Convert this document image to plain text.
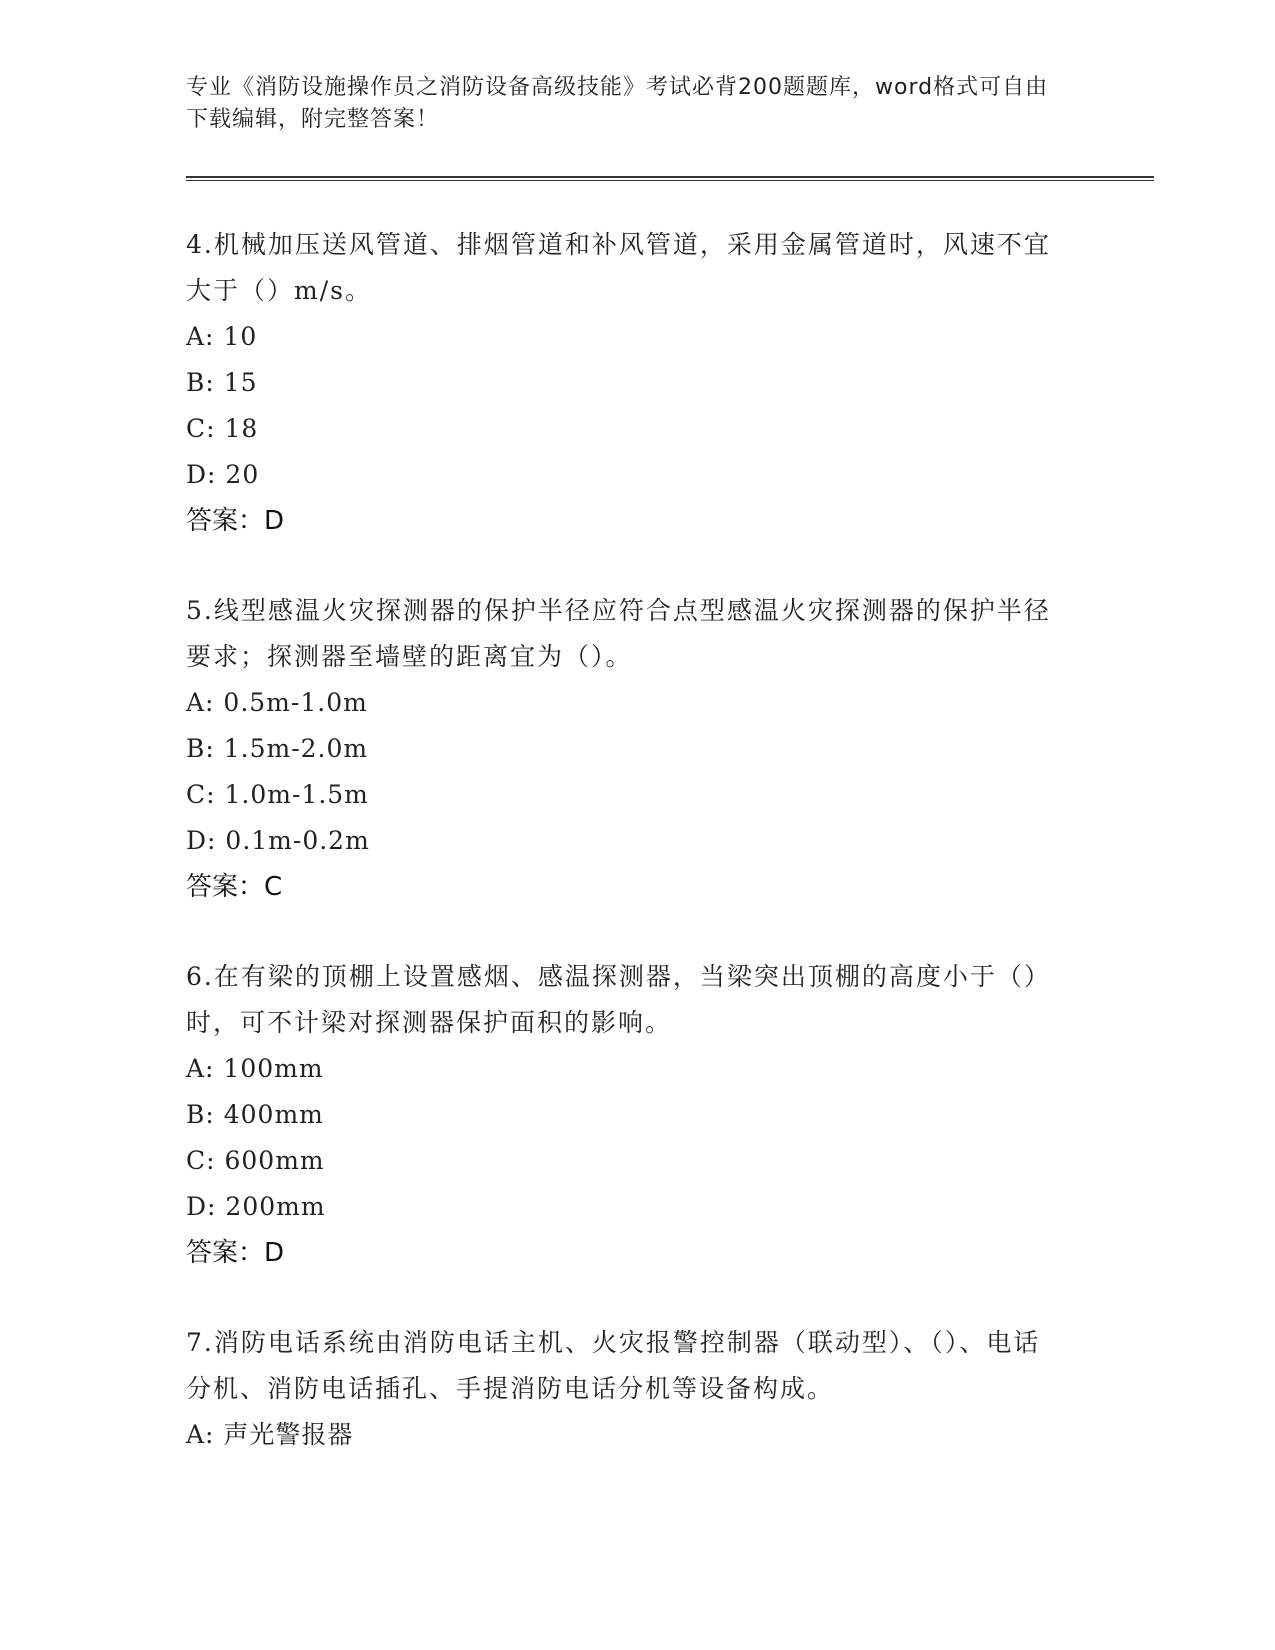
专业《消防设施操作员之消防设备高级技能》考试必背200题题库，word格式可自由下载编辑，附完整答案！

4.机械加压送风管道、排烟管道和补风管道，采用金属管道时，风速不宜大于（）m/s。

A: 10

B: 15

C: 18

D: 20

答案：D

5.线型感温火灾探测器的保护半径应符合点型感温火灾探测器的保护半径要求；探测器至墙壁的距离宜为（）。

A: 0.5m-1.0m

B: 1.5m-2.0m

C: 1.0m-1.5m

D: 0.1m-0.2m

答案：C

6.在有梁的顶棚上设置感烟、感温探测器，当梁突出顶棚的高度小于（）时，可不计梁对探测器保护面积的影响。

A: 100mm

B: 400mm

C: 600mm

D: 200mm

答案：D

7.消防电话系统由消防电话主机、火灾报警控制器（联动型）、（）、电话分机、消防电话插孔、手提消防电话分机等设备构成。

A: 声光警报器
